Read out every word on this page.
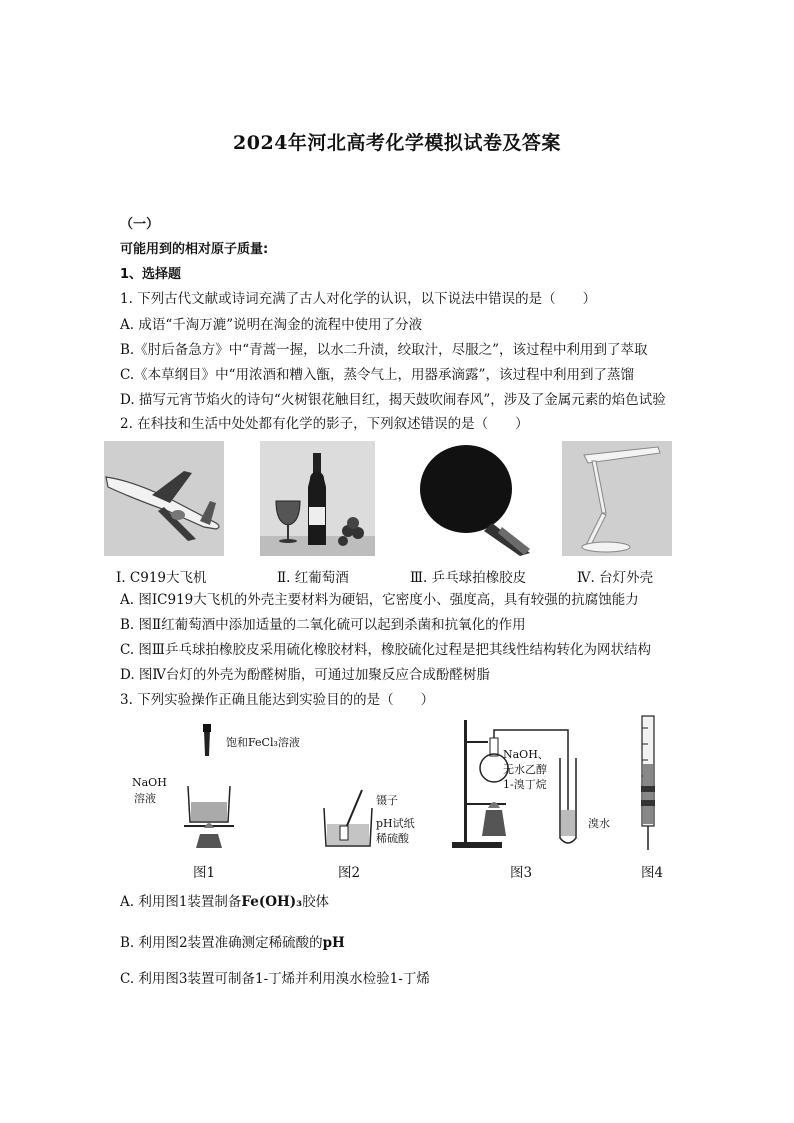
2024年河北高考化学模拟试卷及答案
（一）
可能用到的相对原子质量:
1、选择题
1. 下列古代文献或诗词充满了古人对化学的认识，以下说法中错误的是（　　）
A. 成语“千淘万漉”说明在淘金的流程中使用了分液
B.《肘后备急方》中“青蒿一握，以水二升渍，绞取汁，尽服之”，该过程中利用到了萃取
C.《本草纲目》中“用浓酒和糟入甑，蒸令气上，用器承滴露”，该过程中利用到了蒸馏
D. 描写元宵节焰火的诗句“火树银花触目红，揭天鼓吹闹春风”，涉及了金属元素的焰色试验
2. 在科技和生活中处处都有化学的影子，下列叙述错误的是（　　）
Ⅰ. C919大飞机	Ⅱ. 红葡萄酒	Ⅲ. 乒乓球拍橡胶皮	Ⅳ. 台灯外壳
A. 图ⅠC919大飞机的外壳主要材料为硬铝，它密度小、强度高，具有较强的抗腐蚀能力
B. 图Ⅱ红葡萄酒中添加适量的二氧化硫可以起到杀菌和抗氧化的作用
C. 图Ⅲ乒乓球拍橡胶皮采用硫化橡胶材料，橡胶硫化过程是把其线性结构转化为网状结构
D. 图Ⅳ台灯的外壳为酚醛树脂，可通过加聚反应合成酚醛树脂
3. 下列实验操作正确且能达到实验目的的是（　　）
饱和FeCl₃溶液
NaOH
溶液	镊子
pH试纸
稀硫酸
NaOH、
无水乙醇
1-溴丁烷
溴水
图1	图2	图3	图4
A. 利用图1装置制备Fe(OH)₃胶体
B. 利用图2装置准确测定稀硫酸的pH
C. 利用图3装置可制备1-丁烯并利用溴水检验1-丁烯
